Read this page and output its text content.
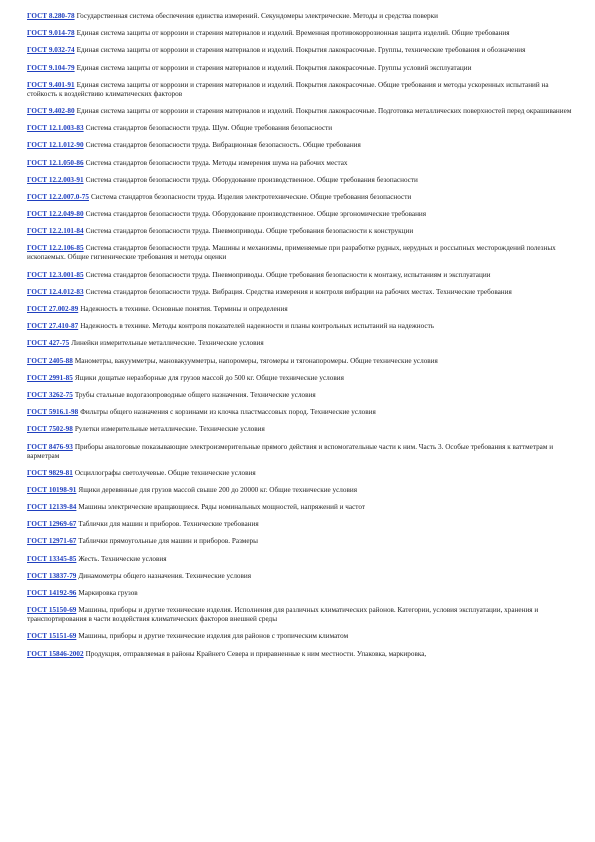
ГОСТ 8.280-78 Государственная система обеспечения единства измерений. Секундомеры электрические. Методы и средства поверки
ГОСТ 9.014-78 Единая система защиты от коррозии и старения материалов и изделий. Временная противокоррозионная защита изделий. Общие требования
ГОСТ 9.032-74 Единая система защиты от коррозии и старения материалов и изделий. Покрытия лакокрасочные. Группы, технические требования и обозначения
ГОСТ 9.104-79 Единая система защиты от коррозии и старения материалов и изделий. Покрытия лакокрасочные. Группы условий эксплуатации
ГОСТ 9.401-91 Единая система защиты от коррозии и старения материалов и изделий. Покрытия лакокрасочные. Общие требования и методы ускоренных испытаний на стойкость к воздействию климатических факторов
ГОСТ 9.402-80 Единая система защиты от коррозии и старения материалов и изделий. Покрытия лакокрасочные. Подготовка металлических поверхностей перед окрашиванием
ГОСТ 12.1.003-83 Система стандартов безопасности труда. Шум. Общие требования безопасности
ГОСТ 12.1.012-90 Система стандартов безопасности труда. Вибрационная безопасность. Общие требования
ГОСТ 12.1.050-86 Система стандартов безопасности труда. Методы измерения шума на рабочих местах
ГОСТ 12.2.003-91 Система стандартов безопасности труда. Оборудование производственное. Общие требования безопасности
ГОСТ 12.2.007.0-75 Система стандартов безопасности труда. Изделия электротехнические. Общие требования безопасности
ГОСТ 12.2.049-80 Система стандартов безопасности труда. Оборудование производственное. Общие эргономические требования
ГОСТ 12.2.101-84 Система стандартов безопасности труда. Пневмоприводы. Общие требования безопасности к конструкции
ГОСТ 12.2.106-85 Система стандартов безопасности труда. Машины и механизмы, применяемые при разработке рудных, нерудных и россыпных месторождений полезных ископаемых. Общие гигиенические требования и методы оценки
ГОСТ 12.3.001-85 Система стандартов безопасности труда. Пневмоприводы. Общие требования безопасности к монтажу, испытаниям и эксплуатации
ГОСТ 12.4.012-83 Система стандартов безопасности труда. Вибрация. Средства измерения и контроля вибрации на рабочих местах. Технические требования
ГОСТ 27.002-89 Надежность в технике. Основные понятия. Термины и определения
ГОСТ 27.410-87 Надежность в технике. Методы контроля показателей надежности и планы контрольных испытаний на надежность
ГОСТ 427-75 Линейки измерительные металлические. Технические условия
ГОСТ 2405-88 Манометры, вакуумметры, мановакуумметры, напоромеры, тягомеры и тягонапоромеры. Общие технические условия
ГОСТ 2991-85 Ящики дощатые неразборные для грузов массой до 500 кг. Общие технические условия
ГОСТ 3262-75 Трубы стальные водогазопроводные общего назначения. Технические условия
ГОСТ 5916.1-98 Фильтры общего назначения с корзинами из клочка пластмассовых пород. Технические условия
ГОСТ 7502-98 Рулетки измерительные металлические. Технические условия
ГОСТ 8476-93 Приборы аналоговые показывающие электроизмерительные прямого действия и вспомогательные части к ним. Часть 3. Особые требования к ваттметрам и варметрам
ГОСТ 9829-81 Осциллографы светолучевые. Общие технические условия
ГОСТ 10198-91 Ящики деревянные для грузов массой свыше 200 до 20000 кг. Общие технические условия
ГОСТ 12139-84 Машины электрические вращающиеся. Ряды номинальных мощностей, напряжений и частот
ГОСТ 12969-67 Таблички для машин и приборов. Технические требования
ГОСТ 12971-67 Таблички прямоугольные для машин и приборов. Размеры
ГОСТ 13345-85 Жесть. Технические условия
ГОСТ 13837-79 Динамометры общего назначения. Технические условия
ГОСТ 14192-96 Маркировка грузов
ГОСТ 15150-69 Машины, приборы и другие технические изделия. Исполнения для различных климатических районов. Категории, условия эксплуатации, хранения и транспортирования в части воздействия климатических факторов внешней среды
ГОСТ 15151-69 Машины, приборы и другие технические изделия для районов с тропическим климатом
ГОСТ 15846-2002 Продукция, отправляемая в районы Крайнего Севера и приравненные к ним местности. Упаковка, маркировка,
